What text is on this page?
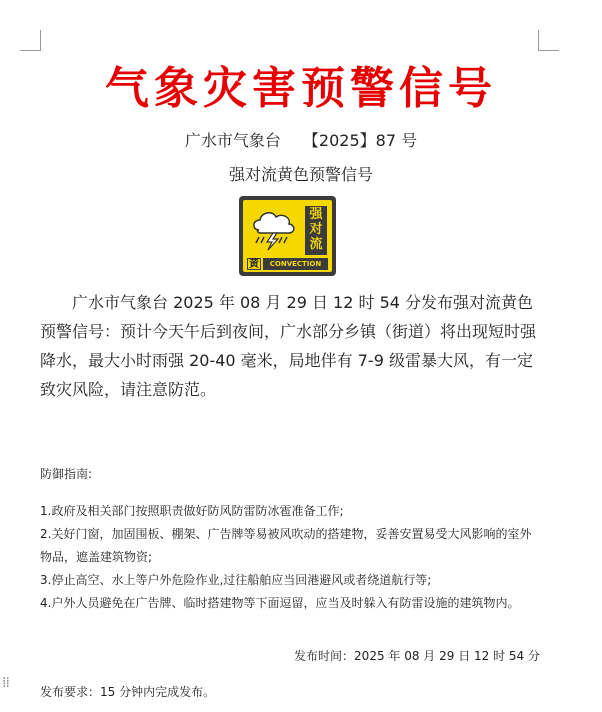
气象灾害预警信号
广水市气象台 【2025】87 号
强对流黄色预警信号
强
对
流
黄	CONVECTION
广水市气象台 2025 年 08 月 29 日 12 时 54 分发布强对流黄色预警信号：预计今天午后到夜间，广水部分乡镇（街道）将出现短时强降水，最大小时雨强 20-40 毫米，局地伴有 7-9 级雷暴大风，有一定致灾风险，请注意防范。
防御指南:
1.政府及相关部门按照职责做好防风防雷防冰雹准备工作;
2.关好门窗，加固围板、棚架、广告牌等易被风吹动的搭建物，妥善安置易受大风影响的室外物品，遮盖建筑物资;
3.停止高空、水上等户外危险作业,过往船舶应当回港避风或者绕道航行等;
4.户外人员避免在广告牌、临时搭建物等下面逗留，应当及时躲入有防雷设施的建筑物内。
发布时间：2025 年 08 月 29 日 12 时 54 分
⁞⁞
发布要求：15 分钟内完成发布。
